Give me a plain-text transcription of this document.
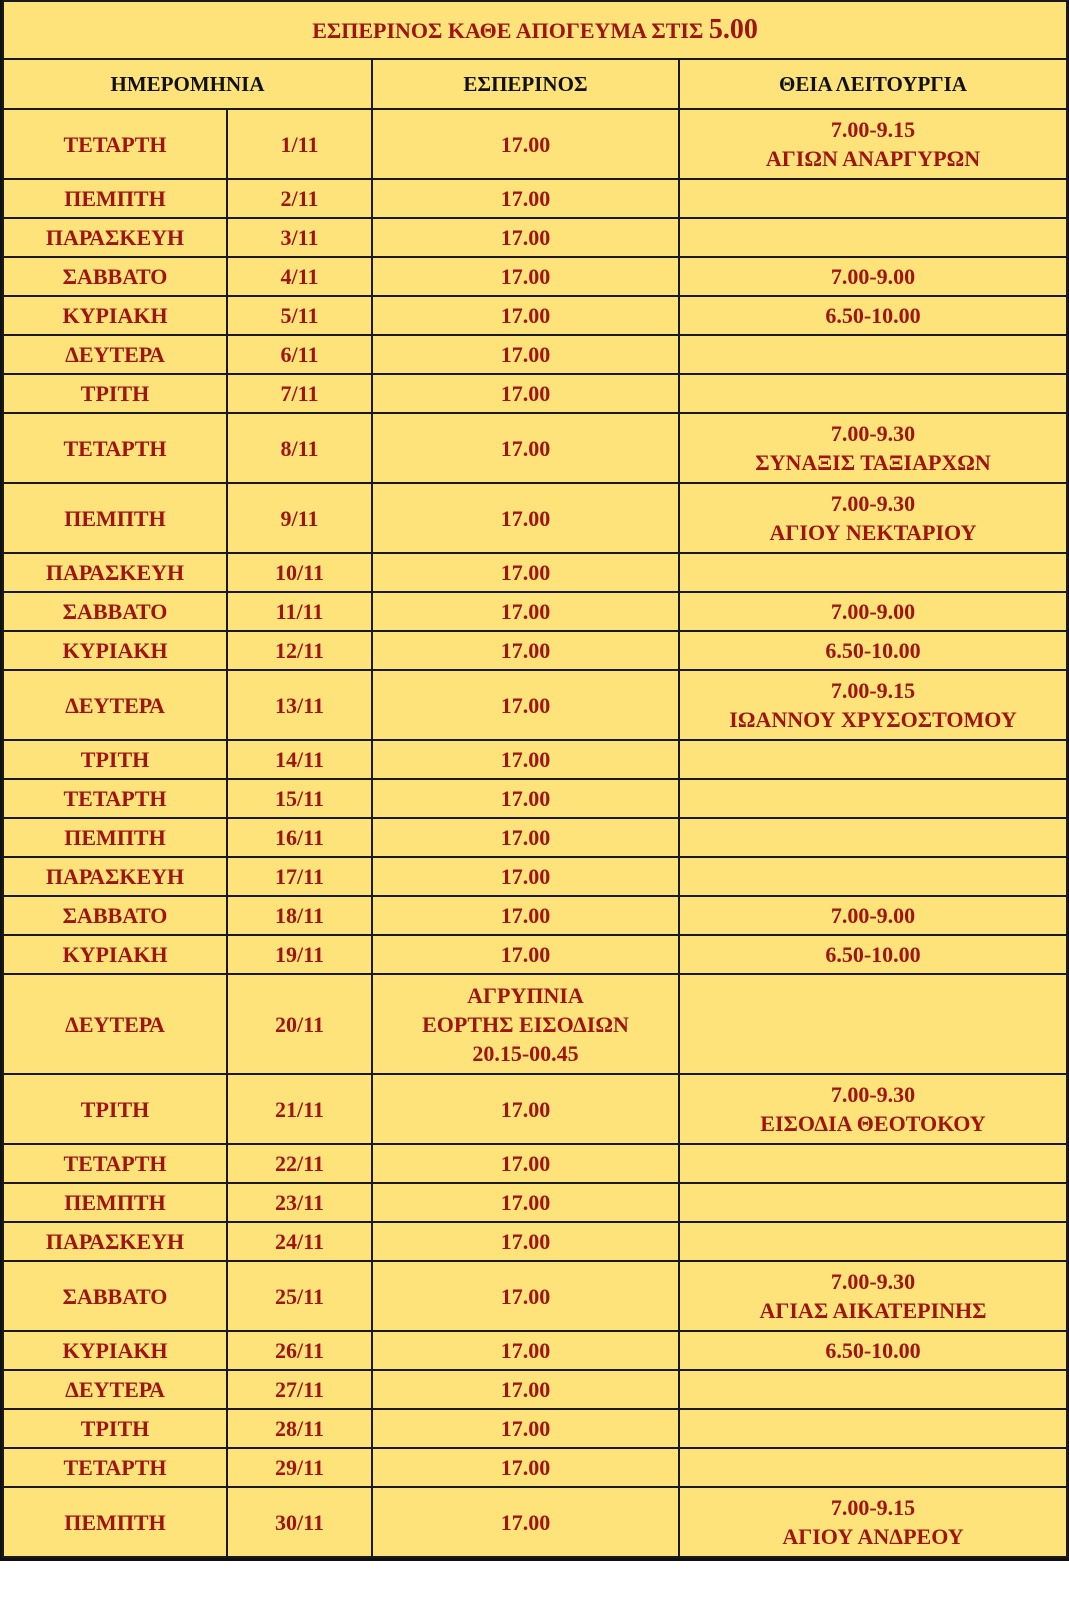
ΕΣΠΕΡΙΝΟΣ ΚΑΘΕ ΑΠΟΓΕΥΜΑ ΣΤΙΣ 5.00			
ΗΜΕΡΟΜΗΝΙΑ		ΕΣΠΕΡΙΝΟΣ	ΘΕΙΑ ΛΕΙΤΟΥΡΓΙΑ
ΤΕΤΑΡΤΗ	1/11	17.00	7.00-9.15
ΑΓΙΩΝ ΑΝΑΡΓΥΡΩΝ

ΠΕΜΠΤΗ	2/11	17.00	

ΠΑΡΑΣΚΕΥΗ	3/11	17.00	

ΣΑΒΒΑΤΟ	4/11	17.00	7.00-9.00

ΚΥΡΙΑΚΗ	5/11	17.00	6.50-10.00

ΔΕΥΤΕΡΑ	6/11	17.00	

ΤΡΙΤΗ	7/11	17.00	

ΤΕΤΑΡΤΗ	8/11	17.00	7.00-9.30
ΣΥΝΑΞΙΣ ΤΑΞΙΑΡΧΩΝ

ΠΕΜΠΤΗ	9/11	17.00	7.00-9.30
ΑΓΙΟΥ ΝΕΚΤΑΡΙΟΥ

ΠΑΡΑΣΚΕΥΗ	10/11	17.00	

ΣΑΒΒΑΤΟ	11/11	17.00	7.00-9.00

ΚΥΡΙΑΚΗ	12/11	17.00	6.50-10.00

ΔΕΥΤΕΡΑ	13/11	17.00	7.00-9.15
ΙΩΑΝΝΟΥ ΧΡΥΣΟΣΤΟΜΟΥ

ΤΡΙΤΗ	14/11	17.00	

ΤΕΤΑΡΤΗ	15/11	17.00	

ΠΕΜΠΤΗ	16/11	17.00	

ΠΑΡΑΣΚΕΥΗ	17/11	17.00	

ΣΑΒΒΑΤΟ	18/11	17.00	7.00-9.00

ΚΥΡΙΑΚΗ	19/11	17.00	6.50-10.00

ΔΕΥΤΕΡΑ	20/11	ΑΓΡΥΠΝΙΑ
ΕΟΡΤΗΣ ΕΙΣΟΔΙΩΝ
20.15-00.45	

ΤΡΙΤΗ	21/11	17.00	7.00-9.30
ΕΙΣΟΔΙΑ ΘΕΟΤΟΚΟΥ

ΤΕΤΑΡΤΗ	22/11	17.00	

ΠΕΜΠΤΗ	23/11	17.00	

ΠΑΡΑΣΚΕΥΗ	24/11	17.00	

ΣΑΒΒΑΤΟ	25/11	17.00	7.00-9.30
ΑΓΙΑΣ ΑΙΚΑΤΕΡΙΝΗΣ

ΚΥΡΙΑΚΗ	26/11	17.00	6.50-10.00

ΔΕΥΤΕΡΑ	27/11	17.00	

ΤΡΙΤΗ	28/11	17.00	

ΤΕΤΑΡΤΗ	29/11	17.00	

ΠΕΜΠΤΗ	30/11	17.00	7.00-9.15
ΑΓΙΟΥ ΑΝΔΡΕΟΥ
